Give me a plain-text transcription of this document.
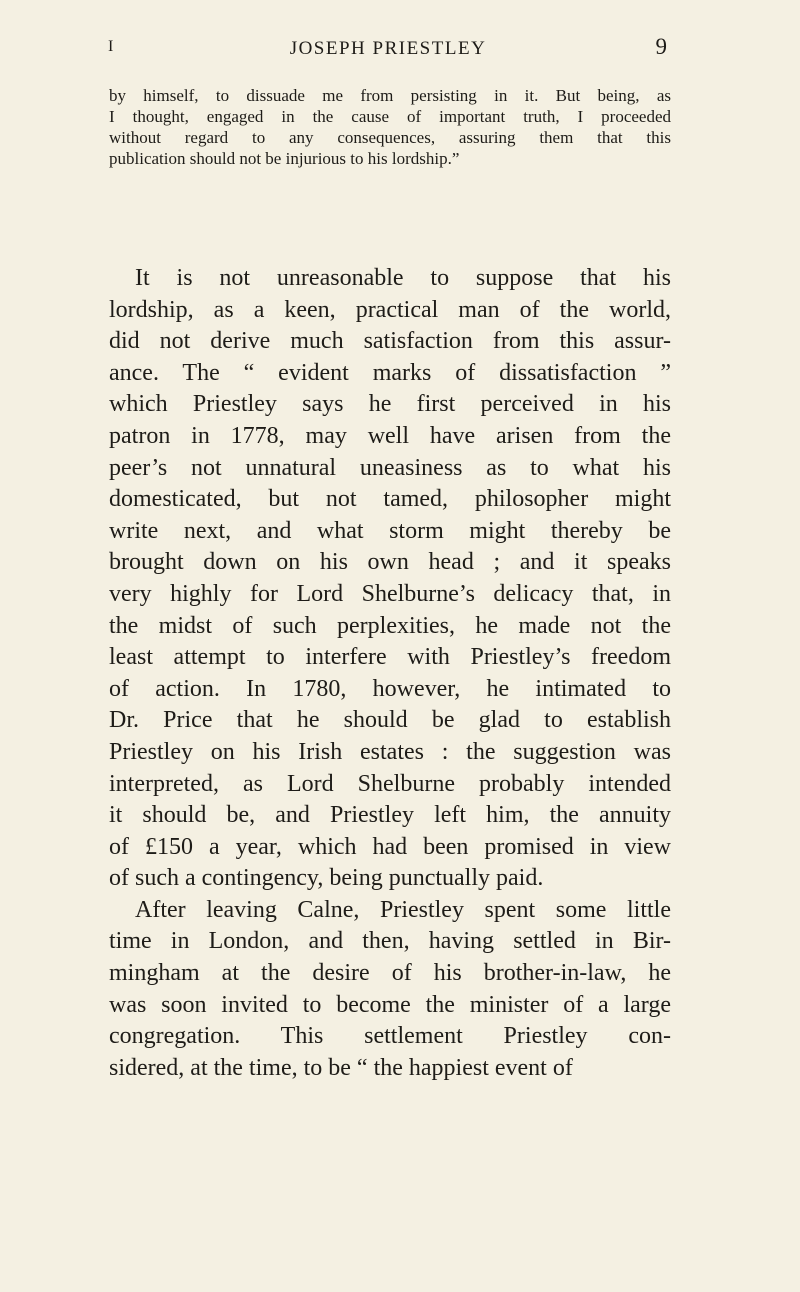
I	JOSEPH PRIESTLEY	9
by himself, to dissuade me from persisting in it. But being, as
I thought, engaged in the cause of important truth, I proceeded
without regard to any consequences, assuring them that this
publication should not be injurious to his lordship.”
It is not unreasonable to suppose that his
lordship, as a keen, practical man of the world,
did not derive much satisfaction from this assur-
ance. The “ evident marks of dissatisfaction ”
which Priestley says he first perceived in his
patron in 1778, may well have arisen from the
peer’s not unnatural uneasiness as to what his
domesticated, but not tamed, philosopher might
write next, and what storm might thereby be
brought down on his own head ; and it speaks
very highly for Lord Shelburne’s delicacy that, in
the midst of such perplexities, he made not the
least attempt to interfere with Priestley’s freedom
of action. In 1780, however, he intimated to
Dr. Price that he should be glad to establish
Priestley on his Irish estates : the suggestion was
interpreted, as Lord Shelburne probably intended
it should be, and Priestley left him, the annuity
of £150 a year, which had been promised in view
of such a contingency, being punctually paid.
After leaving Calne, Priestley spent some little
time in London, and then, having settled in Bir-
mingham at the desire of his brother-in-law, he
was soon invited to become the minister of a large
congregation. This settlement Priestley con-
sidered, at the time, to be “ the happiest event of
